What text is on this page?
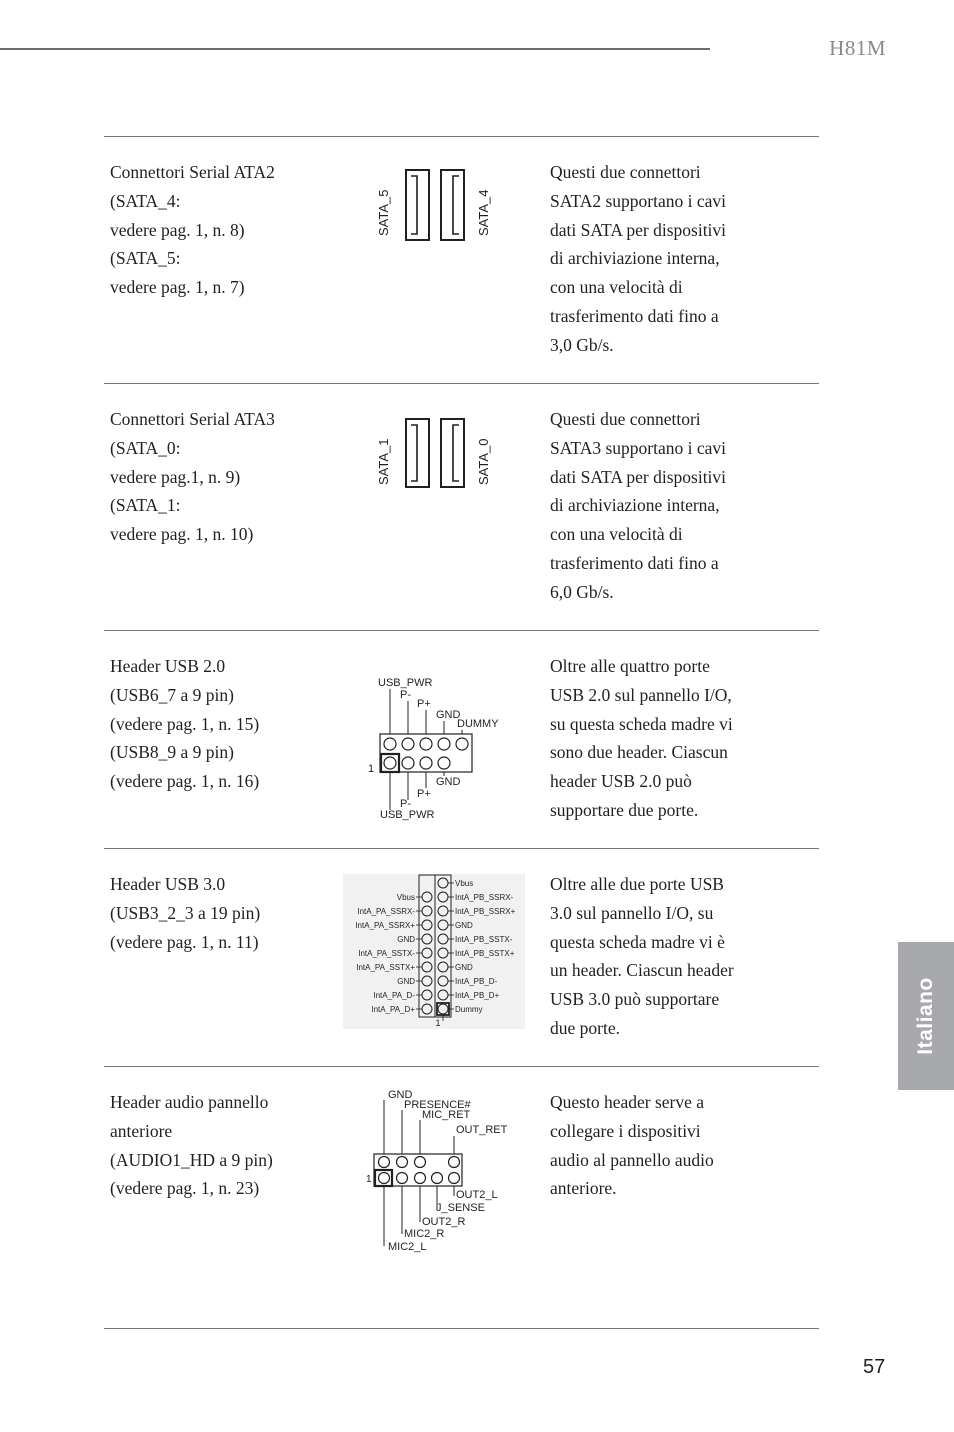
H81M
Italiano
Connettori Serial ATA2
(SATA_4:
vedere pag. 1, n. 8)
(SATA_5:
vedere pag. 1, n. 7)
Questi due connettori
SATA2 supportano i cavi
dati SATA per dispositivi
di archiviazione interna,
con una velocità di
trasferimento dati fino a
3,0 Gb/s.
SATA_5	SATA_4
Connettori Serial ATA3
(SATA_0:
vedere pag.1, n. 9)
(SATA_1:
vedere pag. 1, n. 10)
Questi due connettori
SATA3 supportano i cavi
dati SATA per dispositivi
di archiviazione interna,
con una velocità di
trasferimento dati fino a
6,0 Gb/s.
SATA_1	SATA_0
Header USB 2.0
(USB6_7 a 9 pin)
(vedere pag. 1, n. 15)
(USB8_9 a 9 pin)
(vedere pag. 1, n. 16)
Oltre alle quattro porte
USB 2.0 sul pannello I/O,
su questa scheda madre vi
sono due header. Ciascun
header USB 2.0 può
supportare due porte.
USB_PWR
P-
P+
GND
DUMMY
1
GND
P+
P-
USB_PWR
Header USB 3.0
(USB3_2_3 a 19 pin)
(vedere pag. 1, n. 11)
Oltre alle due porte USB
3.0 sul pannello I/O, su
questa scheda madre vi è
un header. Ciascun header
USB 3.0 può supportare
due porte.
Vbus
IntA_PB_SSRX-
Vbus
IntA_PB_SSRX+
IntA_PA_SSRX-
GND
IntA_PA_SSRX+
IntA_PB_SSTX-
GND
IntA_PB_SSTX+
IntA_PA_SSTX-
GND
IntA_PA_SSTX+
IntA_PB_D-
GND
IntA_PB_D+
IntA_PA_D-
Dummy
IntA_PA_D+
1
Header audio pannello
anteriore
(AUDIO1_HD a 9 pin)
(vedere pag. 1, n. 23)
Questo header serve a
collegare i dispositivi
audio al pannello audio
anteriore.
GND
PRESENCE#
MIC_RET
OUT_RET
1
OUT2_L
J_SENSE
OUT2_R
MIC2_R
MIC2_L
57
